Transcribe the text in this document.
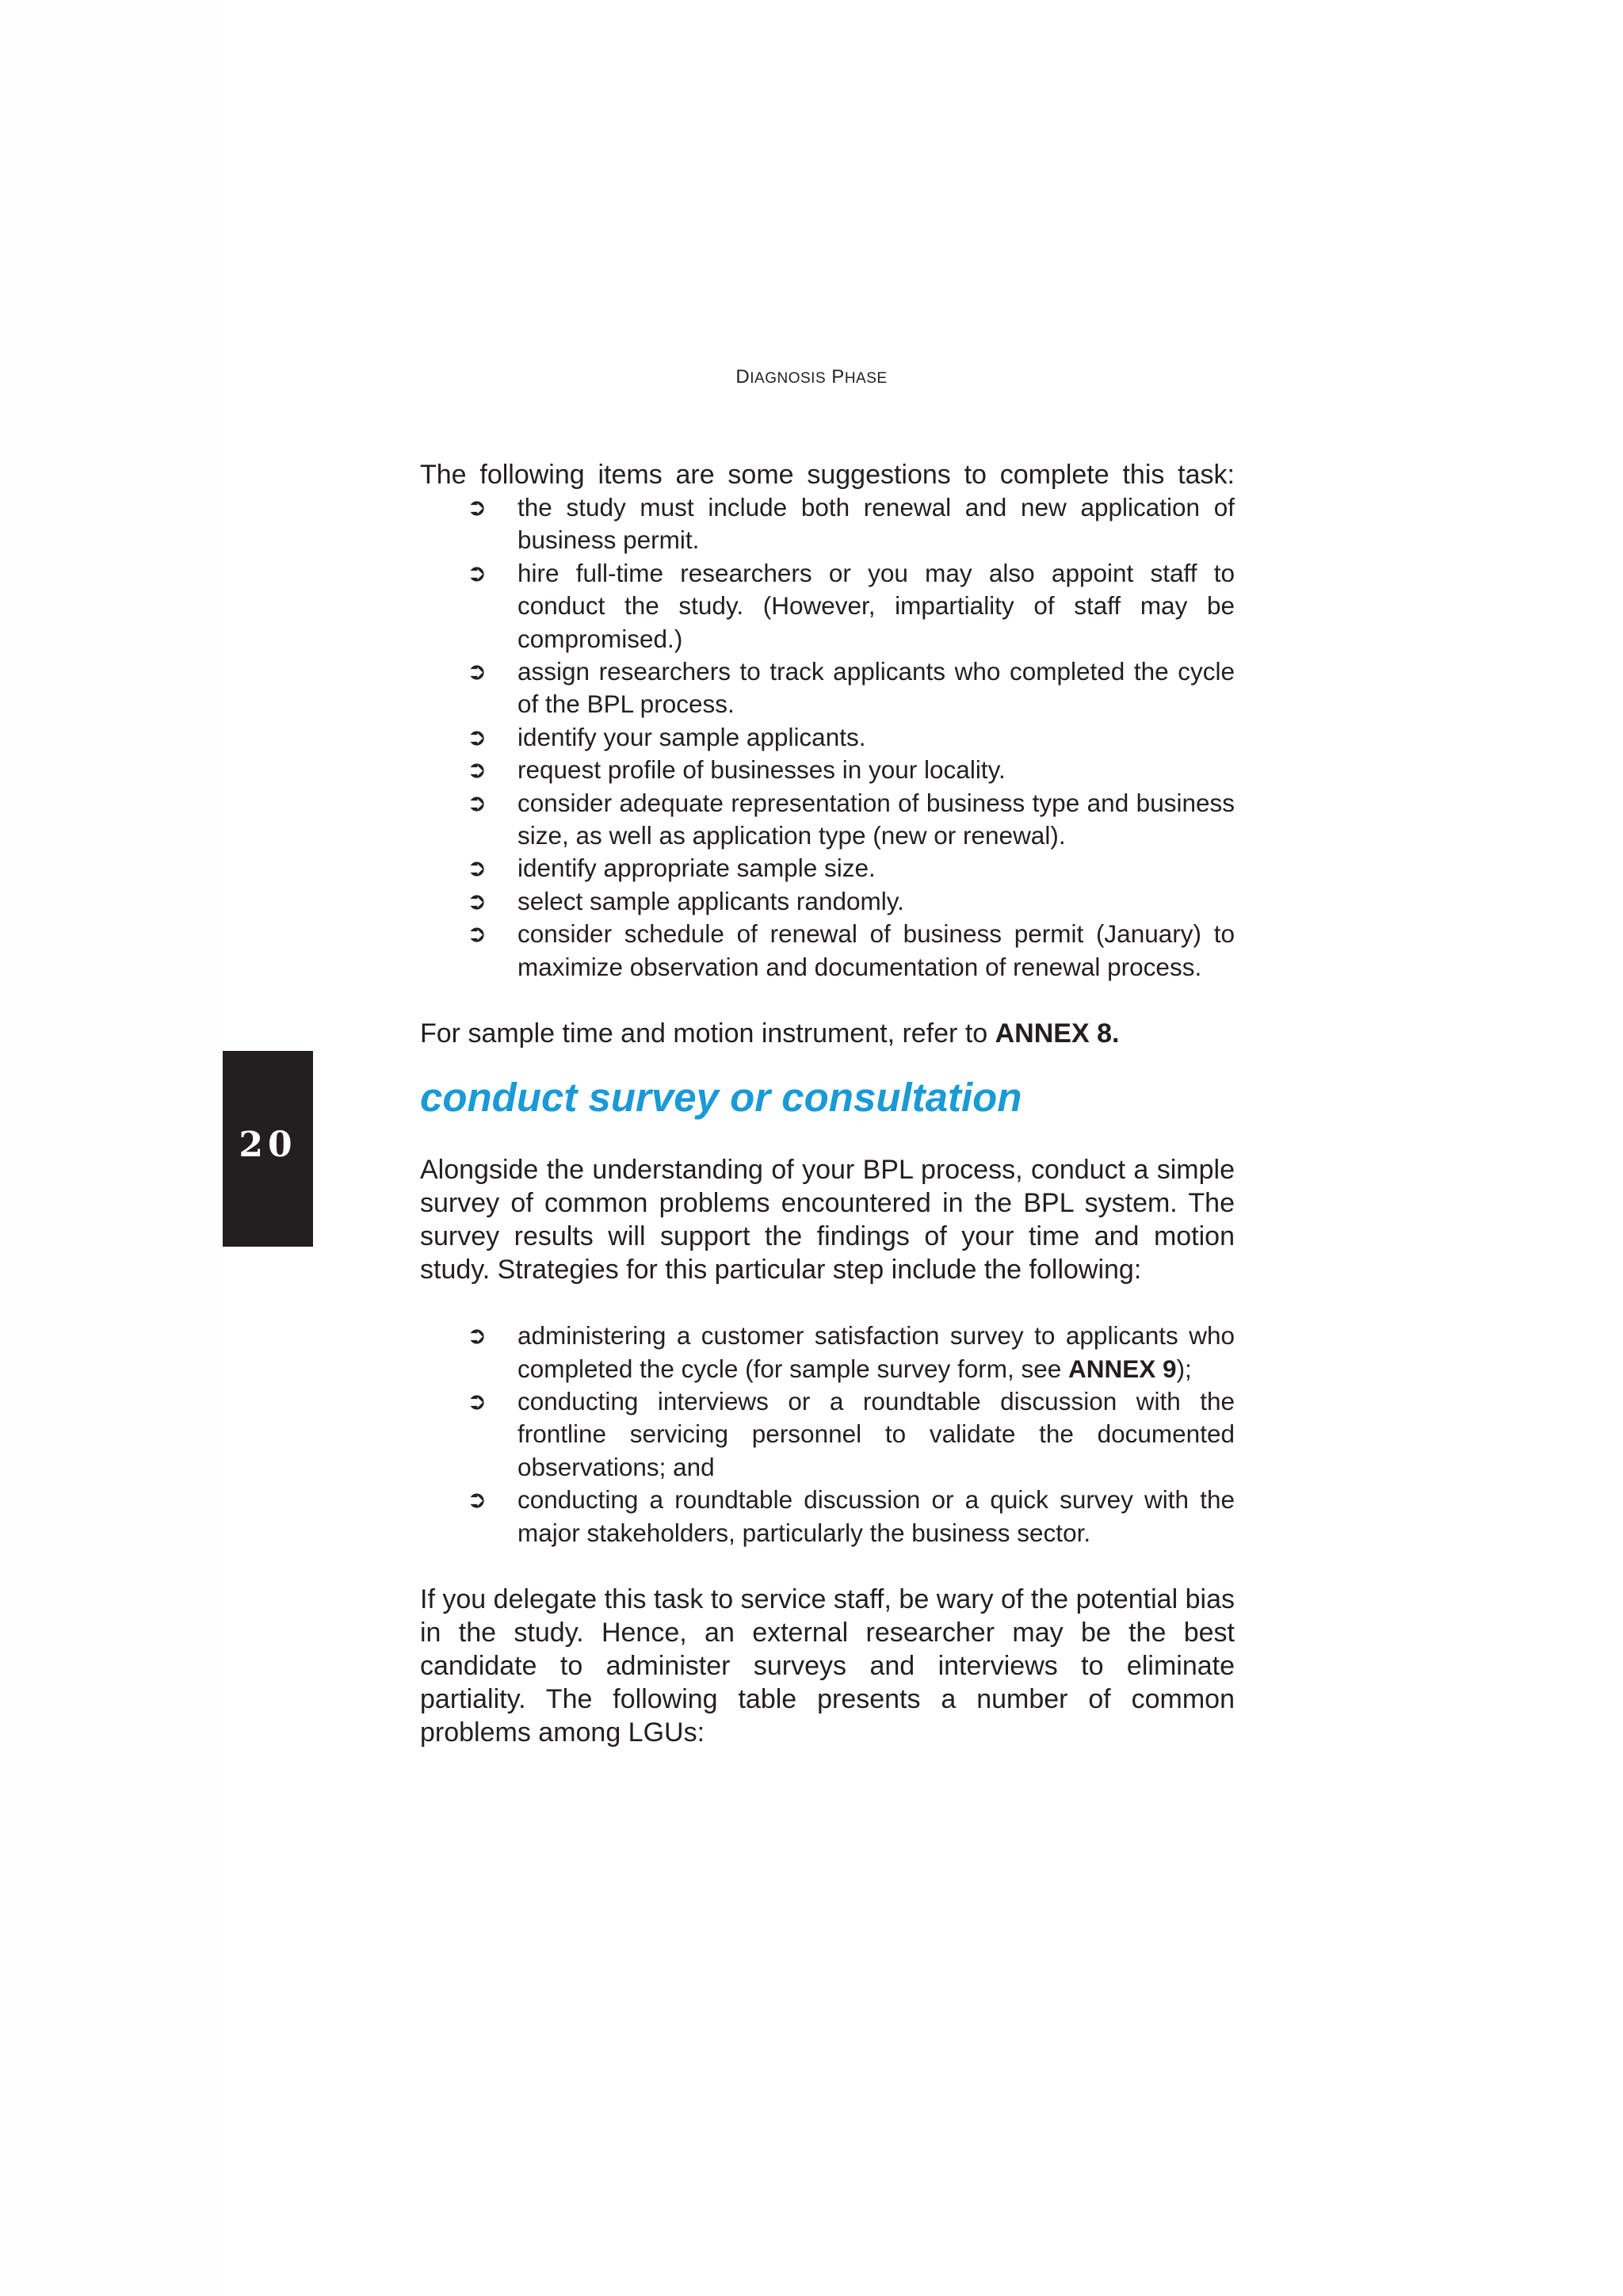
DIAGNOSIS PHASE
20

The following items are some suggestions to complete this task:

➲ the study must include both renewal and new application of business permit.
➲ hire full-time researchers or you may also appoint staff to conduct the study. (However, impartiality of staff may be compromised.)
➲ assign researchers to track applicants who completed the cycle of the BPL process.
➲ identify your sample applicants.
➲ request profile of businesses in your locality.
➲ consider adequate representation of business type and business size, as well as application type (new or renewal).
➲ identify appropriate sample size.
➲ select sample applicants randomly.
➲ consider schedule of renewal of business permit (January) to maximize observation and documentation of renewal process.

For sample time and motion instrument, refer to ANNEX 8.

conduct survey or consultation

Alongside the understanding of your BPL process, conduct a simple survey of common problems encountered in the BPL system. The survey results will support the findings of your time and motion study. Strategies for this particular step include the following:

➲ administering a customer satisfaction survey to applicants who completed the cycle (for sample survey form, see ANNEX 9);
➲ conducting interviews or a roundtable discussion with the frontline servicing personnel to validate the documented observations; and
➲ conducting a roundtable discussion or a quick survey with the major stakeholders, particularly the business sector.

If you delegate this task to service staff, be wary of the potential bias in the study. Hence, an external researcher may be the best candidate to administer surveys and interviews to eliminate partiality. The following table presents a number of common problems among LGUs:
